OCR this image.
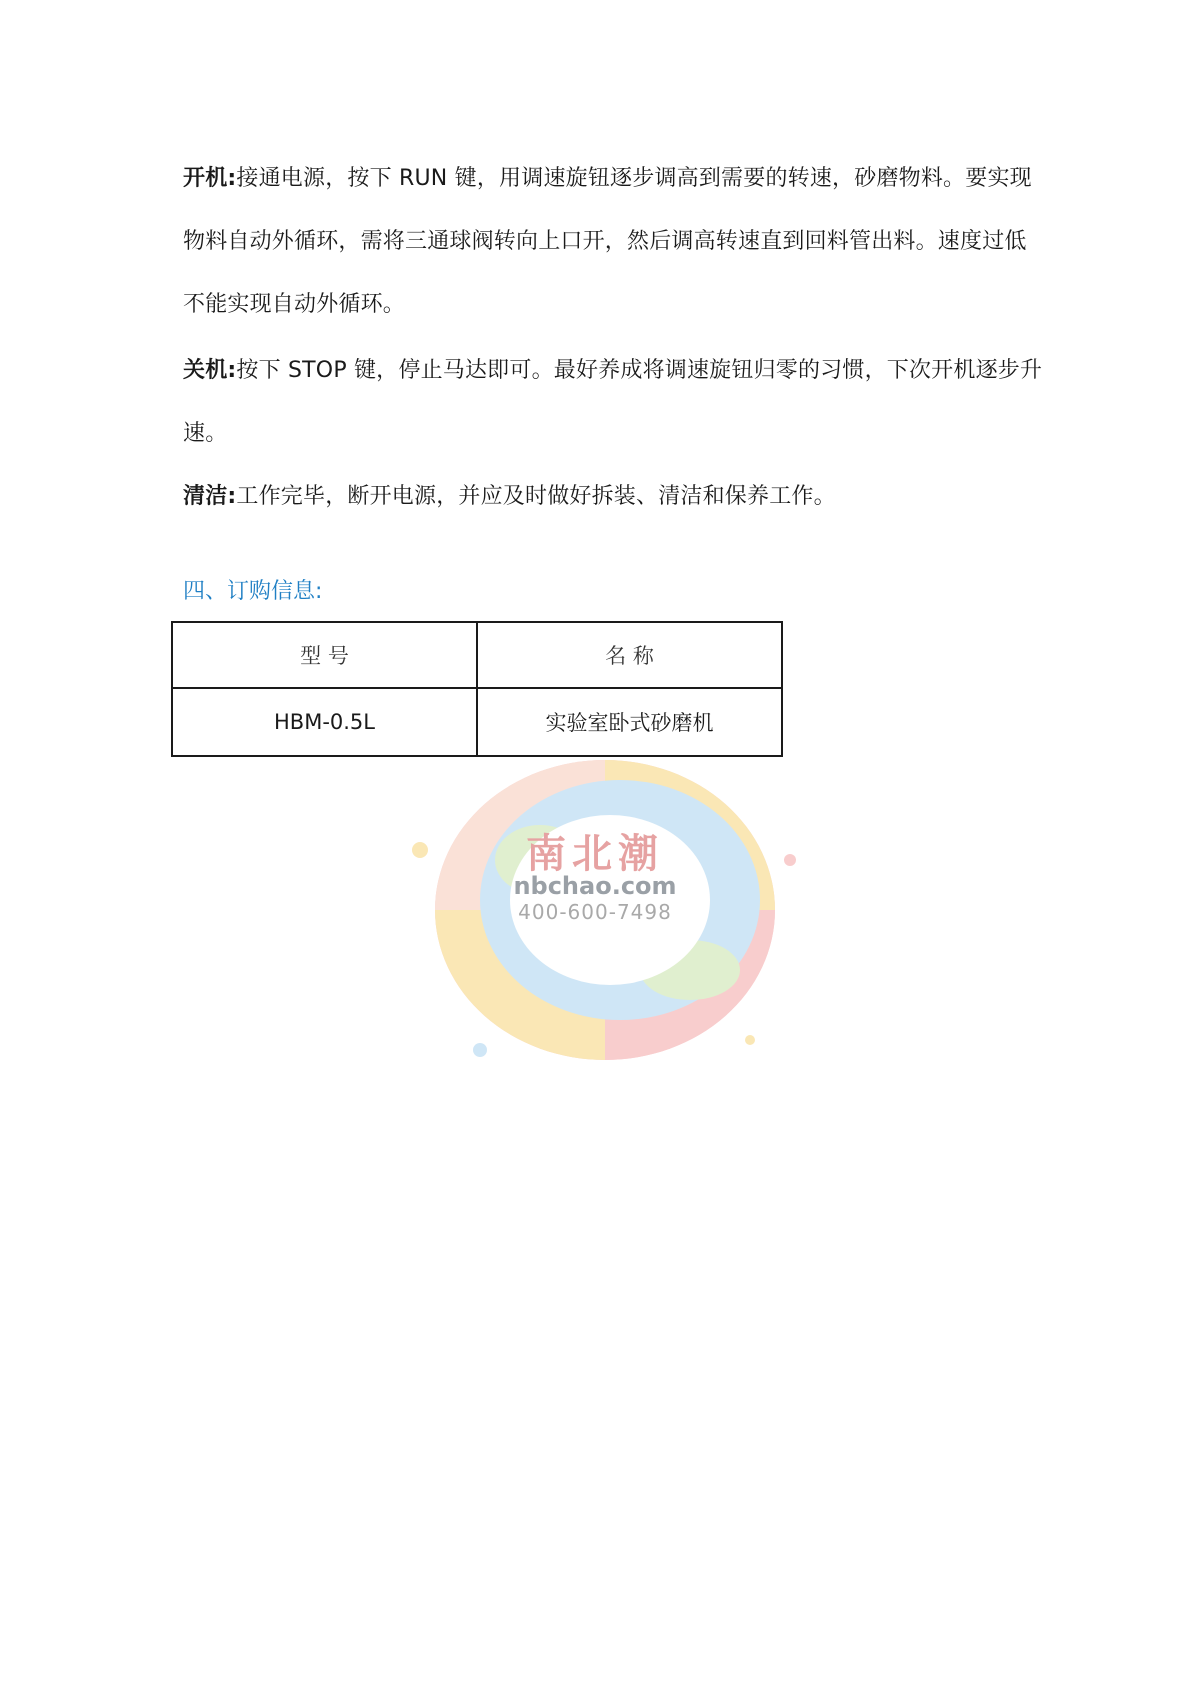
开机:接通电源，按下 RUN 键，用调速旋钮逐步调高到需要的转速，砂磨物料。要实现物料自动外循环，需将三通球阀转向上口开，然后调高转速直到回料管出料。速度过低不能实现自动外循环。
关机:按下 STOP 键，停止马达即可。最好养成将调速旋钮归零的习惯，下次开机逐步升速。
清洁:工作完毕，断开电源，并应及时做好拆装、清洁和保养工作。
四、订购信息:
南北潮
nbchao.com
400-600-7498
型 号	名 称
HBM-0.5L	实验室卧式砂磨机
